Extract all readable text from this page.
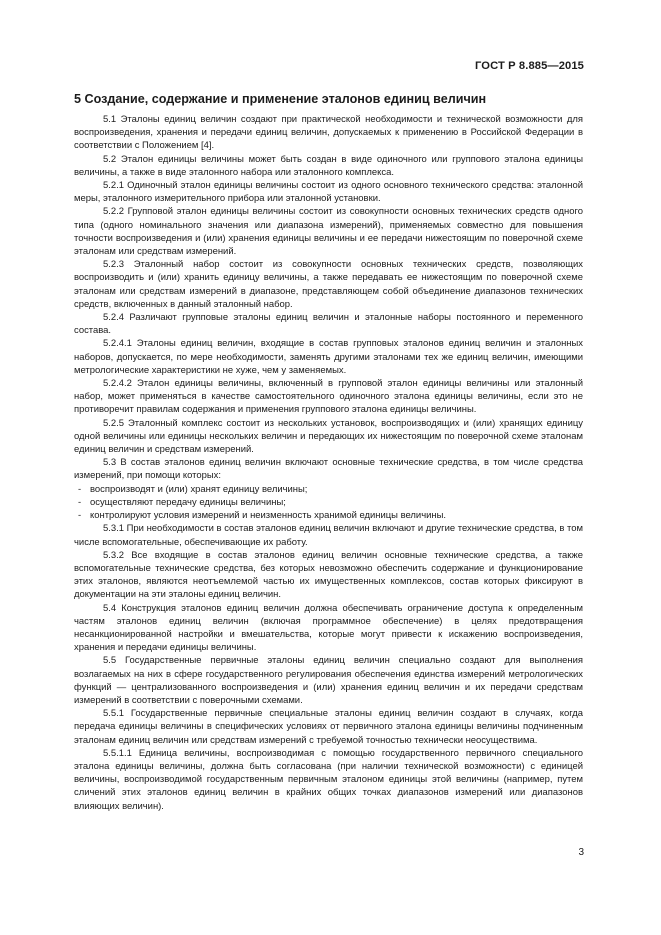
ГОСТ Р 8.885—2015
5 Создание, содержание и применение эталонов единиц величин

5.1 Эталоны единиц величин создают при практической необходимости и технической возможности для воспроизведения, хранения и передачи единиц величин, допускаемых к применению в Российской Федерации в соответствии с Положением [4].

5.2 Эталон единицы величины может быть создан в виде одиночного или группового эталона единицы величины, а также в виде эталонного набора или эталонного комплекса.

5.2.1 Одиночный эталон единицы величины состоит из одного основного технического средства: эталонной меры, эталонного измерительного прибора или эталонной установки.

5.2.2 Групповой эталон единицы величины состоит из совокупности основных технических средств одного типа (одного номинального значения или диапазона измерений), применяемых совместно для повышения точности воспроизведения и (или) хранения единицы величины и ее передачи нижестоящим по поверочной схеме эталонам или средствам измерений.

5.2.3 Эталонный набор состоит из совокупности основных технических средств, позволяющих воспроизводить и (или) хранить единицу величины, а также передавать ее нижестоящим по поверочной схеме эталонам или средствам измерений в диапазоне, представляющем собой объединение диапазонов технических средств, включенных в данный эталонный набор.

5.2.4 Различают групповые эталоны единиц величин и эталонные наборы постоянного и переменного состава.

5.2.4.1 Эталоны единиц величин, входящие в состав групповых эталонов единиц величин и эталонных наборов, допускается, по мере необходимости, заменять другими эталонами тех же единиц величин, имеющими метрологические характеристики не хуже, чем у заменяемых.

5.2.4.2 Эталон единицы величины, включенный в групповой эталон единицы величины или эталонный набор, может применяться в качестве самостоятельного одиночного эталона единицы величины, если это не противоречит правилам содержания и применения группового эталона единицы величины.

5.2.5 Эталонный комплекс состоит из нескольких установок, воспроизводящих и (или) хранящих единицу одной величины или единицы нескольких величин и передающих их нижестоящим по поверочной схеме эталонам единиц величин и средствам измерений.

5.3 В состав эталонов единиц величин включают основные технические средства, в том числе средства измерений, при помощи которых:

- воспроизводят и (или) хранят единицу величины;

- осуществляют передачу единицы величины;

- контролируют условия измерений и неизменность хранимой единицы величины.

5.3.1 При необходимости в состав эталонов единиц величин включают и другие технические средства, в том числе вспомогательные, обеспечивающие их работу.

5.3.2 Все входящие в состав эталонов единиц величин основные технические средства, а также вспомогательные технические средства, без которых невозможно обеспечить содержание и функционирование этих эталонов, являются неотъемлемой частью их имущественных комплексов, состав которых фиксируют в документации на эти эталоны единиц величин.

5.4 Конструкция эталонов единиц величин должна обеспечивать ограничение доступа к определенным частям эталонов единиц величин (включая программное обеспечение) в целях предотвращения несанкционированной настройки и вмешательства, которые могут привести к искажению воспроизведения, хранения и передачи единицы величины.

5.5 Государственные первичные эталоны единиц величин специально создают для выполнения возлагаемых на них в сфере государственного регулирования обеспечения единства измерений метрологических функций — централизованного воспроизведения и (или) хранения единиц величин и их передачи средствам измерений в соответствии с поверочными схемами.

5.5.1 Государственные первичные специальные эталоны единиц величин создают в случаях, когда передача единицы величины в специфических условиях от первичного эталона единицы величины подчиненным эталонам единиц величин или средствам измерений с требуемой точностью технически неосуществима.

5.5.1.1 Единица величины, воспроизводимая с помощью государственного первичного специального эталона единицы величины, должна быть согласована (при наличии технической возможности) с единицей величины, воспроизводимой государственным первичным эталоном единицы этой величины (например, путем сличений этих эталонов единиц величин в крайних общих точках диапазонов измерений или диапазонов влияющих величин).

3
